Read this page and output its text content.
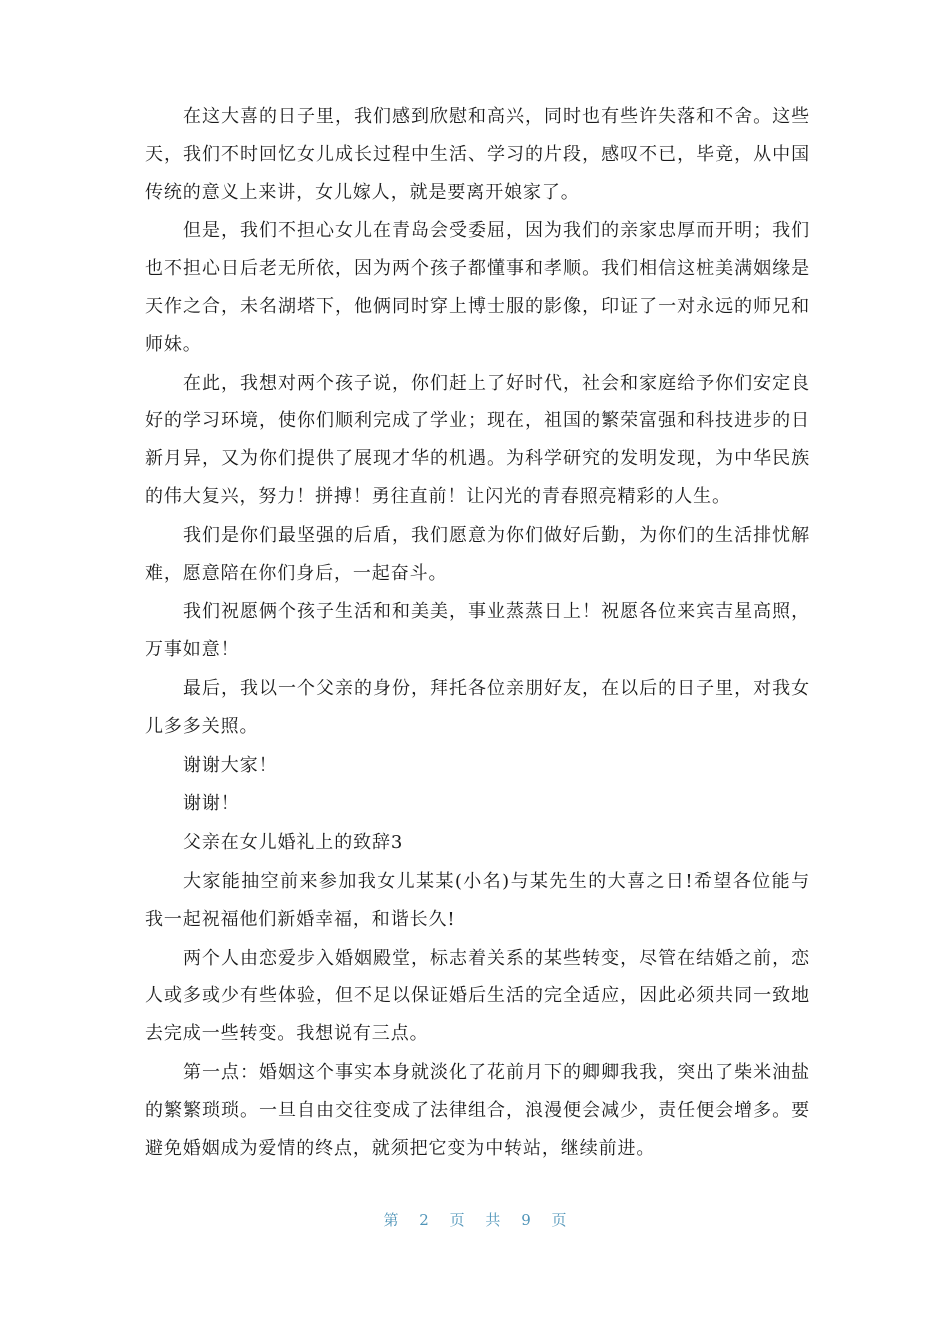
在这大喜的日子里，我们感到欣慰和高兴，同时也有些许失落和不舍。这些天，我们不时回忆女儿成长过程中生活、学习的片段，感叹不已，毕竟，从中国传统的意义上来讲，女儿嫁人，就是要离开娘家了。

但是，我们不担心女儿在青岛会受委屈，因为我们的亲家忠厚而开明；我们也不担心日后老无所依，因为两个孩子都懂事和孝顺。我们相信这桩美满姻缘是天作之合，未名湖塔下，他俩同时穿上博士服的影像，印证了一对永远的师兄和师妹。

在此，我想对两个孩子说，你们赶上了好时代，社会和家庭给予你们安定良好的学习环境，使你们顺利完成了学业；现在，祖国的繁荣富强和科技进步的日新月异，又为你们提供了展现才华的机遇。为科学研究的发明发现，为中华民族的伟大复兴，努力！拼搏！勇往直前！让闪光的青春照亮精彩的人生。

我们是你们最坚强的后盾，我们愿意为你们做好后勤，为你们的生活排忧解难，愿意陪在你们身后，一起奋斗。

我们祝愿俩个孩子生活和和美美，事业蒸蒸日上！祝愿各位来宾吉星高照，万事如意！

最后，我以一个父亲的身份，拜托各位亲朋好友，在以后的日子里，对我女儿多多关照。

谢谢大家！

谢谢！

父亲在女儿婚礼上的致辞3

大家能抽空前来参加我女儿某某(小名)与某先生的大喜之日!希望各位能与我一起祝福他们新婚幸福，和谐长久!

两个人由恋爱步入婚姻殿堂，标志着关系的某些转变，尽管在结婚之前，恋人或多或少有些体验，但不足以保证婚后生活的完全适应，因此必须共同一致地去完成一些转变。我想说有三点。

第一点：婚姻这个事实本身就淡化了花前月下的卿卿我我，突出了柴米油盐的繁繁琐琐。一旦自由交往变成了法律组合，浪漫便会减少，责任便会增多。要避免婚姻成为爱情的终点，就须把它变为中转站，继续前进。

第 2 页 共 9 页
